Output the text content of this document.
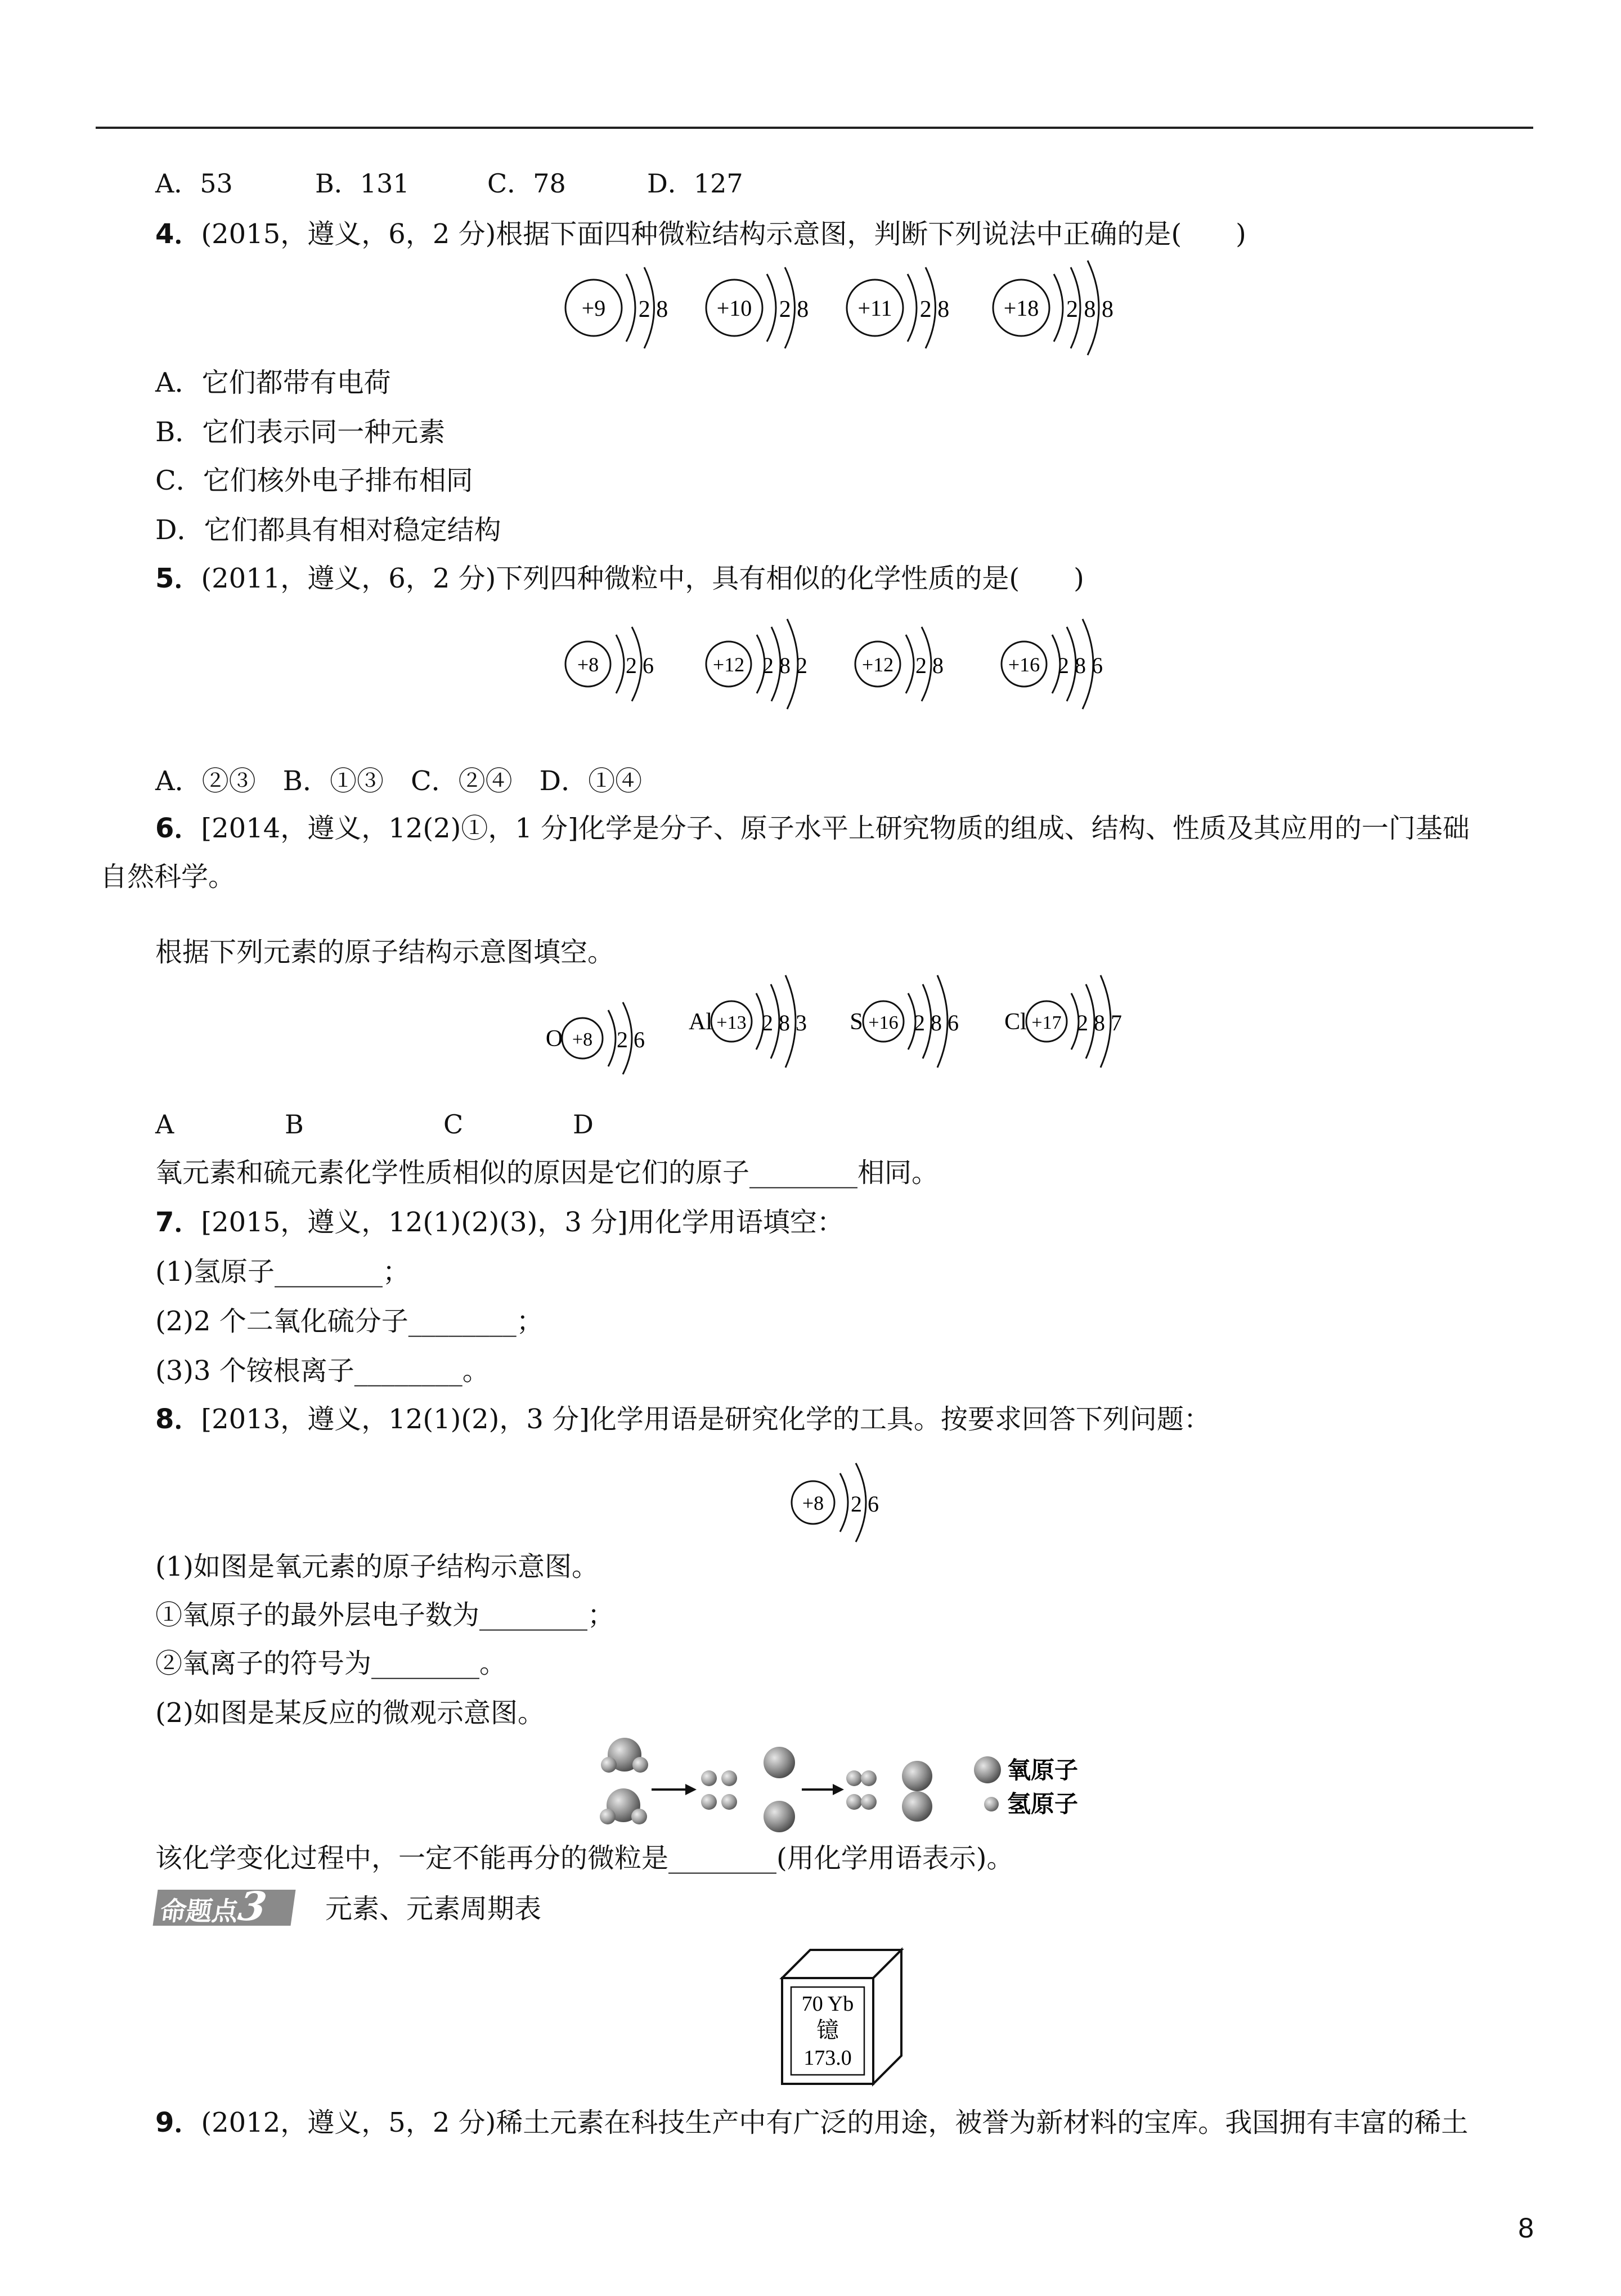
A．53	B．131	C．78	D．127
4．(2015，遵义，6，2 分)根据下面四种微粒结构示意图，判断下列说法中正确的是(　　)
+9 2 8 +10 2 8 +11 2 8 +18 2 8 8
A．它们都带有电荷
B．它们表示同一种元素
C．它们核外电子排布相同
D．它们都具有相对稳定结构
5．(2011，遵义，6，2 分)下列四种微粒中，具有相似的化学性质的是(　　)
+8 2 6	+12 2 8 2	+12 2 8	+16 2 8 6
A．②③　B．①③　C．②④　D．①④
6．[2014，遵义，12(2)①，1 分]化学是分子、原子水平上研究物质的组成、结构、性质及其应用的一门基础
自然科学。
根据下列元素的原子结构示意图填空。
O +8 2 6
Al +13 2 8 3 S +16 2 8 6 Cl +17 2 8 7
A	B	C	D
氧元素和硫元素化学性质相似的原因是它们的原子________相同。
7．[2015，遵义，12(1)(2)(3)，3 分]用化学用语填空：
(1)氢原子________；
(2)2 个二氧化硫分子________；
(3)3 个铵根离子________。
8．[2013，遵义，12(1)(2)，3 分]化学用语是研究化学的工具。按要求回答下列问题：
+8 2 6
(1)如图是氧元素的原子结构示意图。
①氧原子的最外层电子数为________；
②氧离子的符号为________。
(2)如图是某反应的微观示意图。
氧原子
氢原子
该化学变化过程中，一定不能再分的微粒是________(用化学用语表示)。
命题点3	元素、元素周期表
70 Yb
镱
173.0
9．(2012，遵义，5，2 分)稀土元素在科技生产中有广泛的用途，被誉为新材料的宝库。我国拥有丰富的稀土
8
